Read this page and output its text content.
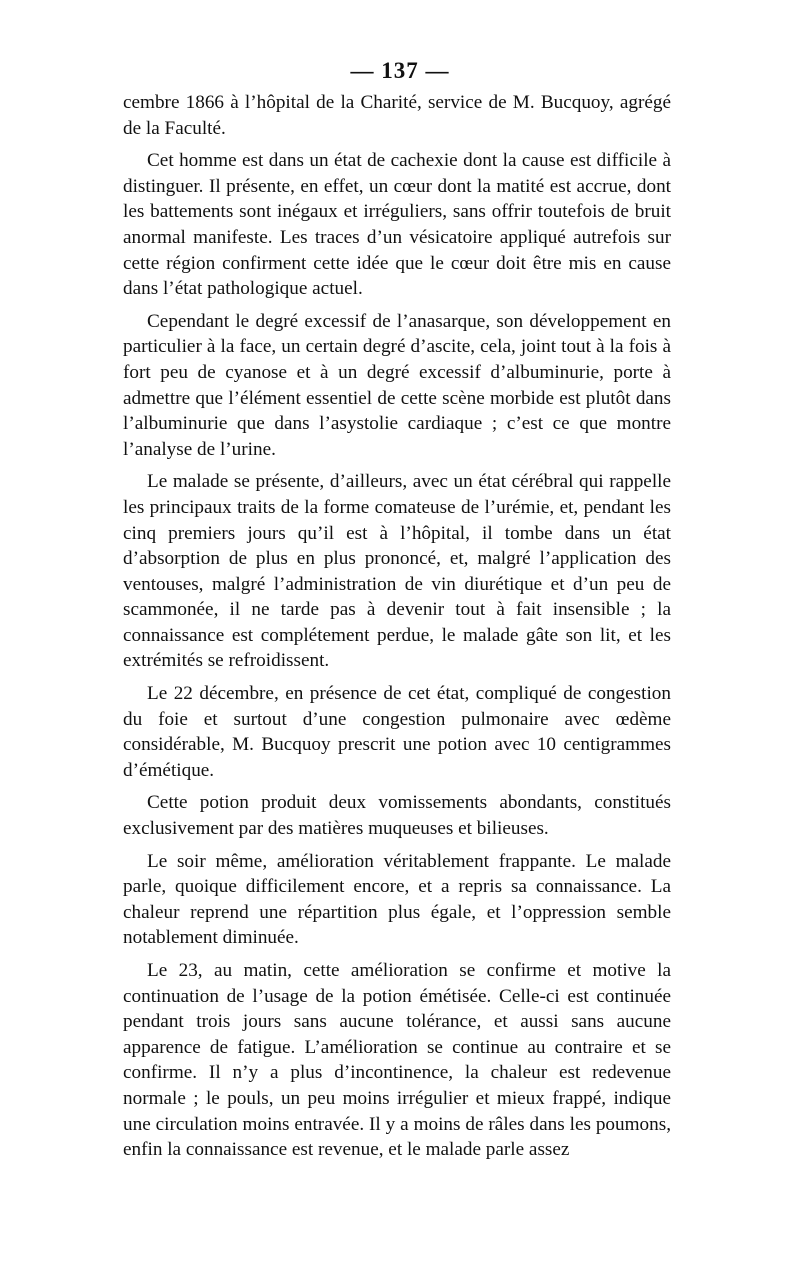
— 137 —

cembre 1866 à l’hôpital de la Charité, service de M. Bucquoy, agrégé de la Faculté.

Cet homme est dans un état de cachexie dont la cause est difficile à distinguer. Il présente, en effet, un cœur dont la matité est accrue, dont les battements sont inégaux et irréguliers, sans offrir toutefois de bruit anormal manifeste. Les traces d’un vésicatoire appliqué autrefois sur cette région confirment cette idée que le cœur doit être mis en cause dans l’état pathologique actuel.

Cependant le degré excessif de l’anasarque, son développement en particulier à la face, un certain degré d’ascite, cela, joint tout à la fois à fort peu de cyanose et à un degré excessif d’albuminurie, porte à admettre que l’élément essentiel de cette scène morbide est plutôt dans l’albuminurie que dans l’asystolie cardiaque ; c’est ce que montre l’analyse de l’urine.

Le malade se présente, d’ailleurs, avec un état cérébral qui rappelle les principaux traits de la forme comateuse de l’urémie, et, pendant les cinq premiers jours qu’il est à l’hôpital, il tombe dans un état d’absorption de plus en plus prononcé, et, malgré l’application des ventouses, malgré l’administration de vin diurétique et d’un peu de scammonée, il ne tarde pas à devenir tout à fait insensible ; la connaissance est complétement perdue, le malade gâte son lit, et les extrémités se refroidissent.

Le 22 décembre, en présence de cet état, compliqué de congestion du foie et surtout d’une congestion pulmonaire avec œdème considérable, M. Bucquoy prescrit une potion avec 10 centigrammes d’émétique.

Cette potion produit deux vomissements abondants, constitués exclusivement par des matières muqueuses et bilieuses.

Le soir même, amélioration véritablement frappante. Le malade parle, quoique difficilement encore, et a repris sa connaissance. La chaleur reprend une répartition plus égale, et l’oppression semble notablement diminuée.

Le 23, au matin, cette amélioration se confirme et motive la continuation de l’usage de la potion émétisée. Celle-ci est continuée pendant trois jours sans aucune tolérance, et aussi sans aucune apparence de fatigue. L’amélioration se continue au contraire et se confirme. Il n’y a plus d’incontinence, la chaleur est redevenue normale ; le pouls, un peu moins irrégulier et mieux frappé, indique une circulation moins entravée. Il y a moins de râles dans les poumons, enfin la connaissance est revenue, et le malade parle assez
